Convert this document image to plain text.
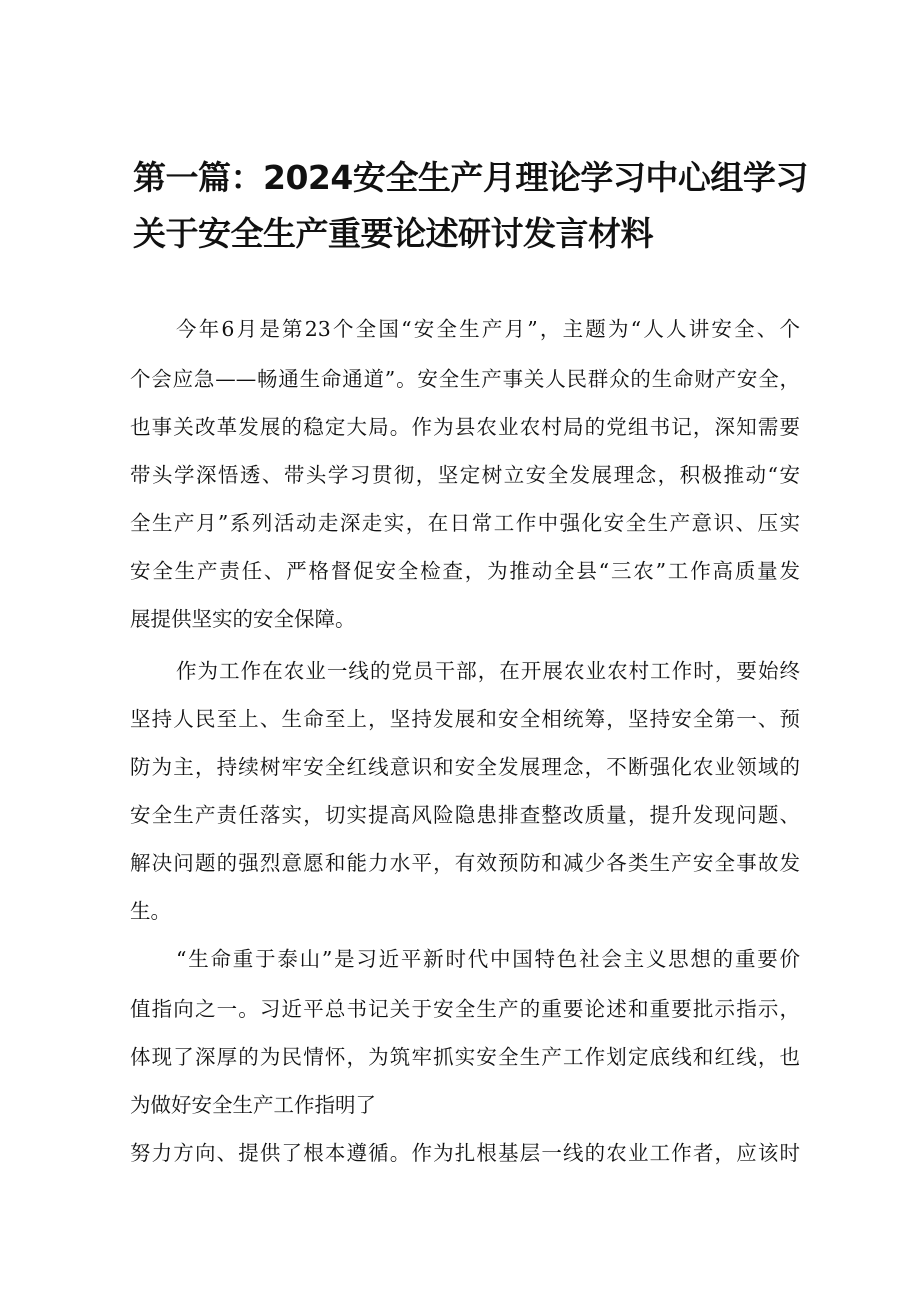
第一篇：2024安全生产月理论学习中心组学习
关于安全生产重要论述研讨发言材料

今年6月是第23个全国“安全生产月”，主题为“人人讲安全、个

个会应急——畅通生命通道”。安全生产事关人民群众的生命财产安全，

也事关改革发展的稳定大局。作为县农业农村局的党组书记，深知需要

带头学深悟透、带头学习贯彻，坚定树立安全发展理念，积极推动“安

全生产月”系列活动走深走实，在日常工作中强化安全生产意识、压实

安全生产责任、严格督促安全检查，为推动全县“三农”工作高质量发

展提供坚实的安全保障。

作为工作在农业一线的党员干部，在开展农业农村工作时，要始终

坚持人民至上、生命至上，坚持发展和安全相统筹，坚持安全第一、预

防为主，持续树牢安全红线意识和安全发展理念，不断强化农业领域的

安全生产责任落实，切实提高风险隐患排查整改质量，提升发现问题、

解决问题的强烈意愿和能力水平，有效预防和减少各类生产安全事故发

生。

“生命重于泰山”是习近平新时代中国特色社会主义思想的重要价

值指向之一。习近平总书记关于安全生产的重要论述和重要批示指示，

体现了深厚的为民情怀，为筑牢抓实安全生产工作划定底线和红线，也

为做好安全生产工作指明了

努力方向、提供了根本遵循。作为扎根基层一线的农业工作者，应该时
